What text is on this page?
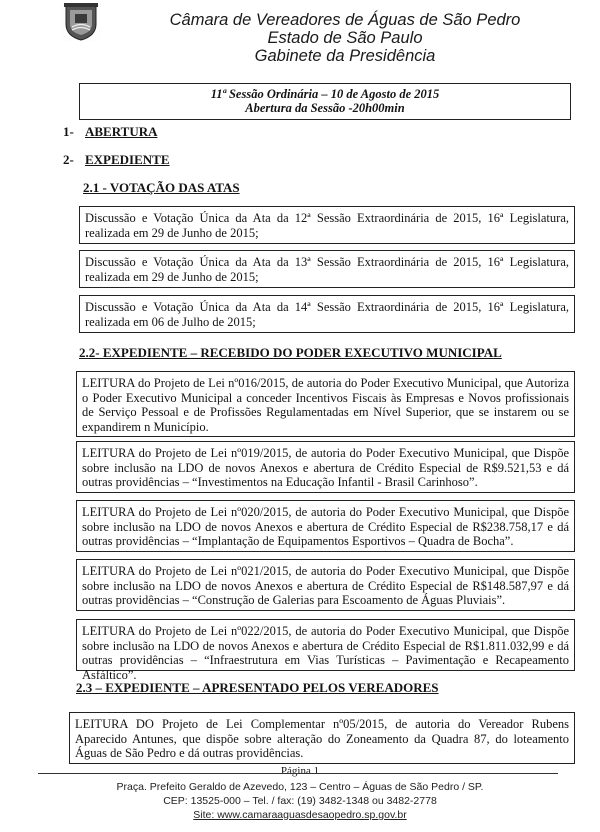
Câmara de Vereadores de Águas de São Pedro
Estado de São Paulo
Gabinete da Presidência
11ª Sessão Ordinária – 10 de Agosto de 2015
Abertura da Sessão -20h00min
1- ABERTURA
2- EXPEDIENTE
2.1 - VOTAÇÃO DAS ATAS
Discussão e Votação Única da Ata da 12ª Sessão Extraordinária de 2015, 16ª Legislatura, realizada em 29 de Junho de 2015;
Discussão e Votação Única da Ata da 13ª Sessão Extraordinária de 2015, 16ª Legislatura, realizada em 29 de Junho de 2015;
Discussão e Votação Única da Ata da 14ª Sessão Extraordinária de 2015, 16ª Legislatura, realizada em 06 de Julho de 2015;
2.2- EXPEDIENTE – RECEBIDO DO PODER EXECUTIVO MUNICIPAL
LEITURA do Projeto de Lei nº016/2015, de autoria do Poder Executivo Municipal, que Autoriza o Poder Executivo Municipal a conceder Incentivos Fiscais às Empresas e Novos profissionais de Serviço Pessoal e de Profissões Regulamentadas em Nível Superior, que se instarem ou se expandirem n Município.
LEITURA do Projeto de Lei nº019/2015, de autoria do Poder Executivo Municipal, que Dispõe sobre inclusão na LDO de novos Anexos e abertura de Crédito Especial de R$9.521,53 e dá outras providências – “Investimentos na Educação Infantil - Brasil Carinhoso”.
LEITURA do Projeto de Lei nº020/2015, de autoria do Poder Executivo Municipal, que Dispõe sobre inclusão na LDO de novos Anexos e abertura de Crédito Especial de R$238.758,17 e dá outras providências – “Implantação de Equipamentos Esportivos – Quadra de Bocha”.
LEITURA do Projeto de Lei nº021/2015, de autoria do Poder Executivo Municipal, que Dispõe sobre inclusão na LDO de novos Anexos e abertura de Crédito Especial de R$148.587,97 e dá outras providências – “Construção de Galerias para Escoamento de Águas Pluviais”.
LEITURA do Projeto de Lei nº022/2015, de autoria do Poder Executivo Municipal, que Dispõe sobre inclusão na LDO de novos Anexos e abertura de Crédito Especial de R$1.811.032,99 e dá outras providências – “Infraestrutura em Vias Turísticas – Pavimentação e Recapeamento Asfáltico”.
2.3 – EXPEDIENTE – APRESENTADO PELOS VEREADORES
LEITURA DO Projeto de Lei Complementar nº05/2015, de autoria do Vereador Rubens Aparecido Antunes, que dispõe sobre alteração do Zoneamento da Quadra 87, do loteamento Águas de São Pedro e dá outras providências.
Página 1
Praça. Prefeito Geraldo de Azevedo, 123 – Centro – Águas de São Pedro / SP.
CEP: 13525-000 – Tel. / fax: (19) 3482-1348 ou 3482-2778
Site: www.camaraaguasdesaopedro.sp.gov.br
